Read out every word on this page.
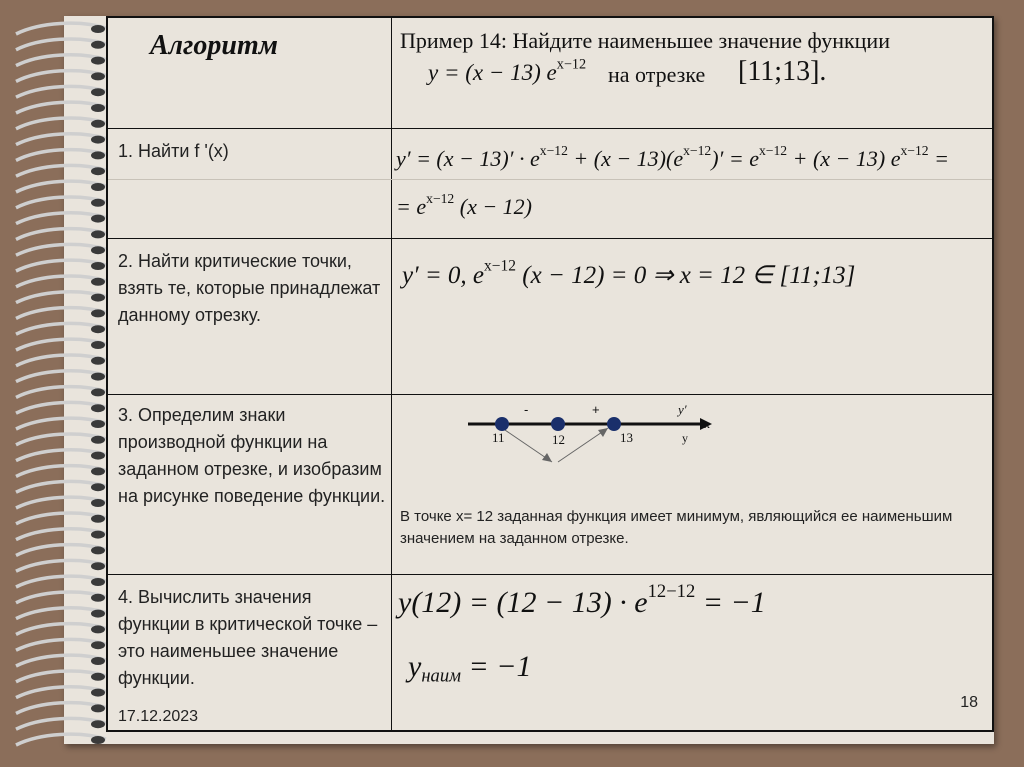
Алгоритм	Пример 14: Найдите наименьшее значение функции
y = (x − 13) $e^{x-12}$ на отрезке [11;13].
1. Найти f '(x)	$y' = (x - 13)' \cdot e^{x-12} + (x - 13)(e^{x-12})' = e^{x-12} + (x - 13) e^{x-12}$ =
= $e^{x-12}$ (x − 12)
2. Найти критические точки, взять те, которые принадлежат данному отрезку.
y′ = 0, $e^{x-12}$ (x − 12) = 0 ⇒ x = 12 ∈ [11;13]
3. Определим знаки производной функции на заданном отрезке, и изобразим на рисунке поведение функции.
11	12	13
-	+	y′
x
y
В точке x= 12 заданная функция имеет минимум, являющийся ее наименьшим значением на заданном отрезке.
4. Вычислить значения функции в критической точке – это наименьшее значение функции.
$y(12) = (12 - 13) \cdot e^{12-12} = -1$
$y_{наим} = -1$
17.12.2023
18
